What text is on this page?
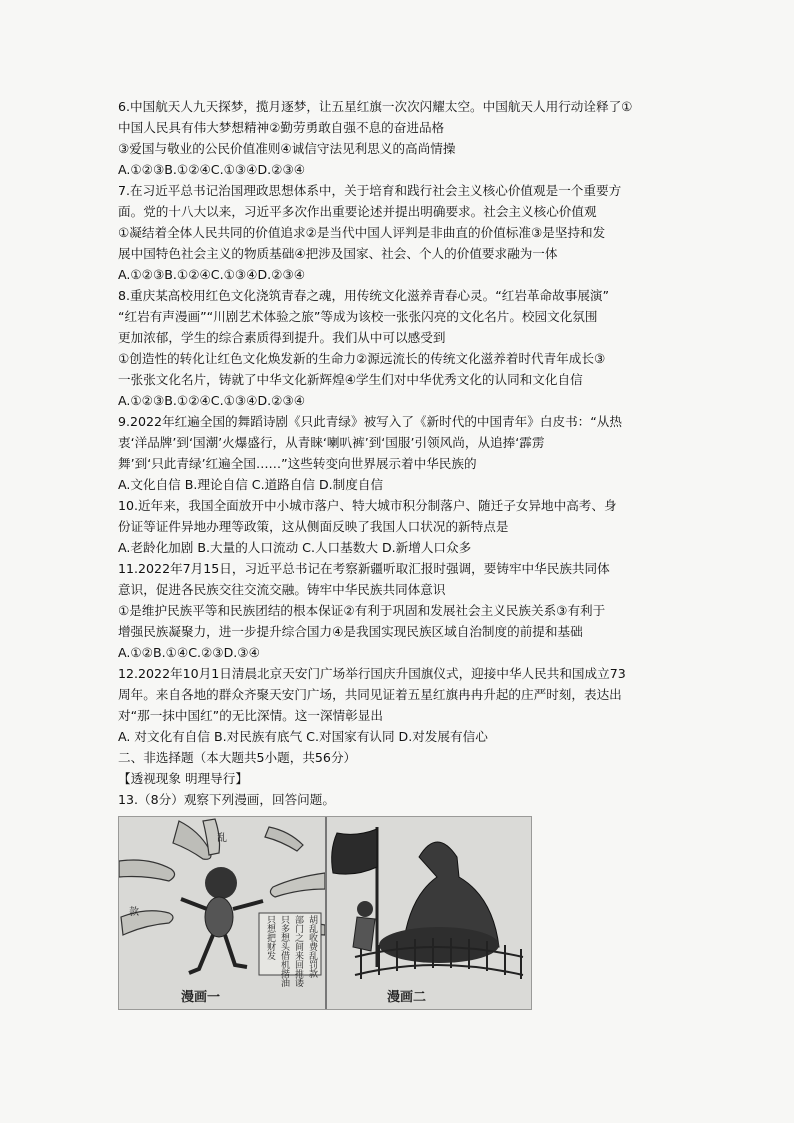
6.中国航天人九天探梦，揽月逐梦，让五星红旗一次次闪耀太空。中国航天人用行动诠释了①
中国人民具有伟大梦想精神②勤劳勇敢自强不息的奋进品格
③爱国与敬业的公民价值准则④诚信守法见利思义的高尚情操
A.①②③B.①②④C.①③④D.②③④
7.在习近平总书记治国理政思想体系中，关于培育和践行社会主义核心价值观是一个重要方
面。党的十八大以来，习近平多次作出重要论述并提出明确要求。社会主义核心价值观
①凝结着全体人民共同的价值追求②是当代中国人评判是非曲直的价值标准③是坚持和发
展中国特色社会主义的物质基础④把涉及国家、社会、个人的价值要求融为一体
A.①②③B.①②④C.①③④D.②③④
8.重庆某高校用红色文化浇筑青春之魂，用传统文化滋养青春心灵。“红岩革命故事展演”
“红岩有声漫画”“川剧艺术体验之旅”等成为该校一张张闪亮的文化名片。校园文化氛围
更加浓郁，学生的综合素质得到提升。我们从中可以感受到
①创造性的转化让红色文化焕发新的生命力②源远流长的传统文化滋养着时代青年成长③
一张张文化名片，铸就了中华文化新辉煌④学生们对中华优秀文化的认同和文化自信
A.①②③B.①②④C.①③④D.②③④
9.2022年红遍全国的舞蹈诗剧《只此青绿》被写入了《新时代的中国青年》白皮书：“从热
衷‘洋品牌’到‘国潮’火爆盛行，从青睐‘喇叭裤’到‘国服’引领风尚，从追捧‘霹雳
舞’到‘只此青绿’红遍全国……”这些转变向世界展示着中华民族的
A.文化自信 B.理论自信 C.道路自信 D.制度自信
10.近年来，我国全面放开中小城市落户、特大城市积分制落户、随迁子女异地中高考、身
份证等证件异地办理等政策，这从侧面反映了我国人口状况的新特点是
A.老龄化加剧 B.大量的人口流动 C.人口基数大 D.新增人口众多
11.2022年7月15日，习近平总书记在考察新疆听取汇报时强调，要铸牢中华民族共同体
意识，促进各民族交往交流交融。铸牢中华民族共同体意识
①是维护民族平等和民族团结的根本保证②有利于巩固和发展社会主义民族关系③有利于
增强民族凝聚力，进一步提升综合国力④是我国实现民族区域自治制度的前提和基础
A.①②B.①④C.②③D.③④
12.2022年10月1日清晨北京天安门广场举行国庆升国旗仪式，迎接中华人民共和国成立73
周年。来自各地的群众齐聚天安门广场，共同见证着五星红旗冉冉升起的庄严时刻，表达出
对“那一抹中国红”的无比深情。这一深情彰显出
A. 对文化有自信 B.对民族有底气 C.对国家有认同 D.对发展有信心
二、非选择题（本大题共5小题，共56分）
【透视现象 明理导行】
13.（8分）观察下列漫画，回答问题。
乱
款
胡乱收费乱罚款
部门之间来回推诿
只多想头借机揩油
只想把财发
漫画一	漫画二
